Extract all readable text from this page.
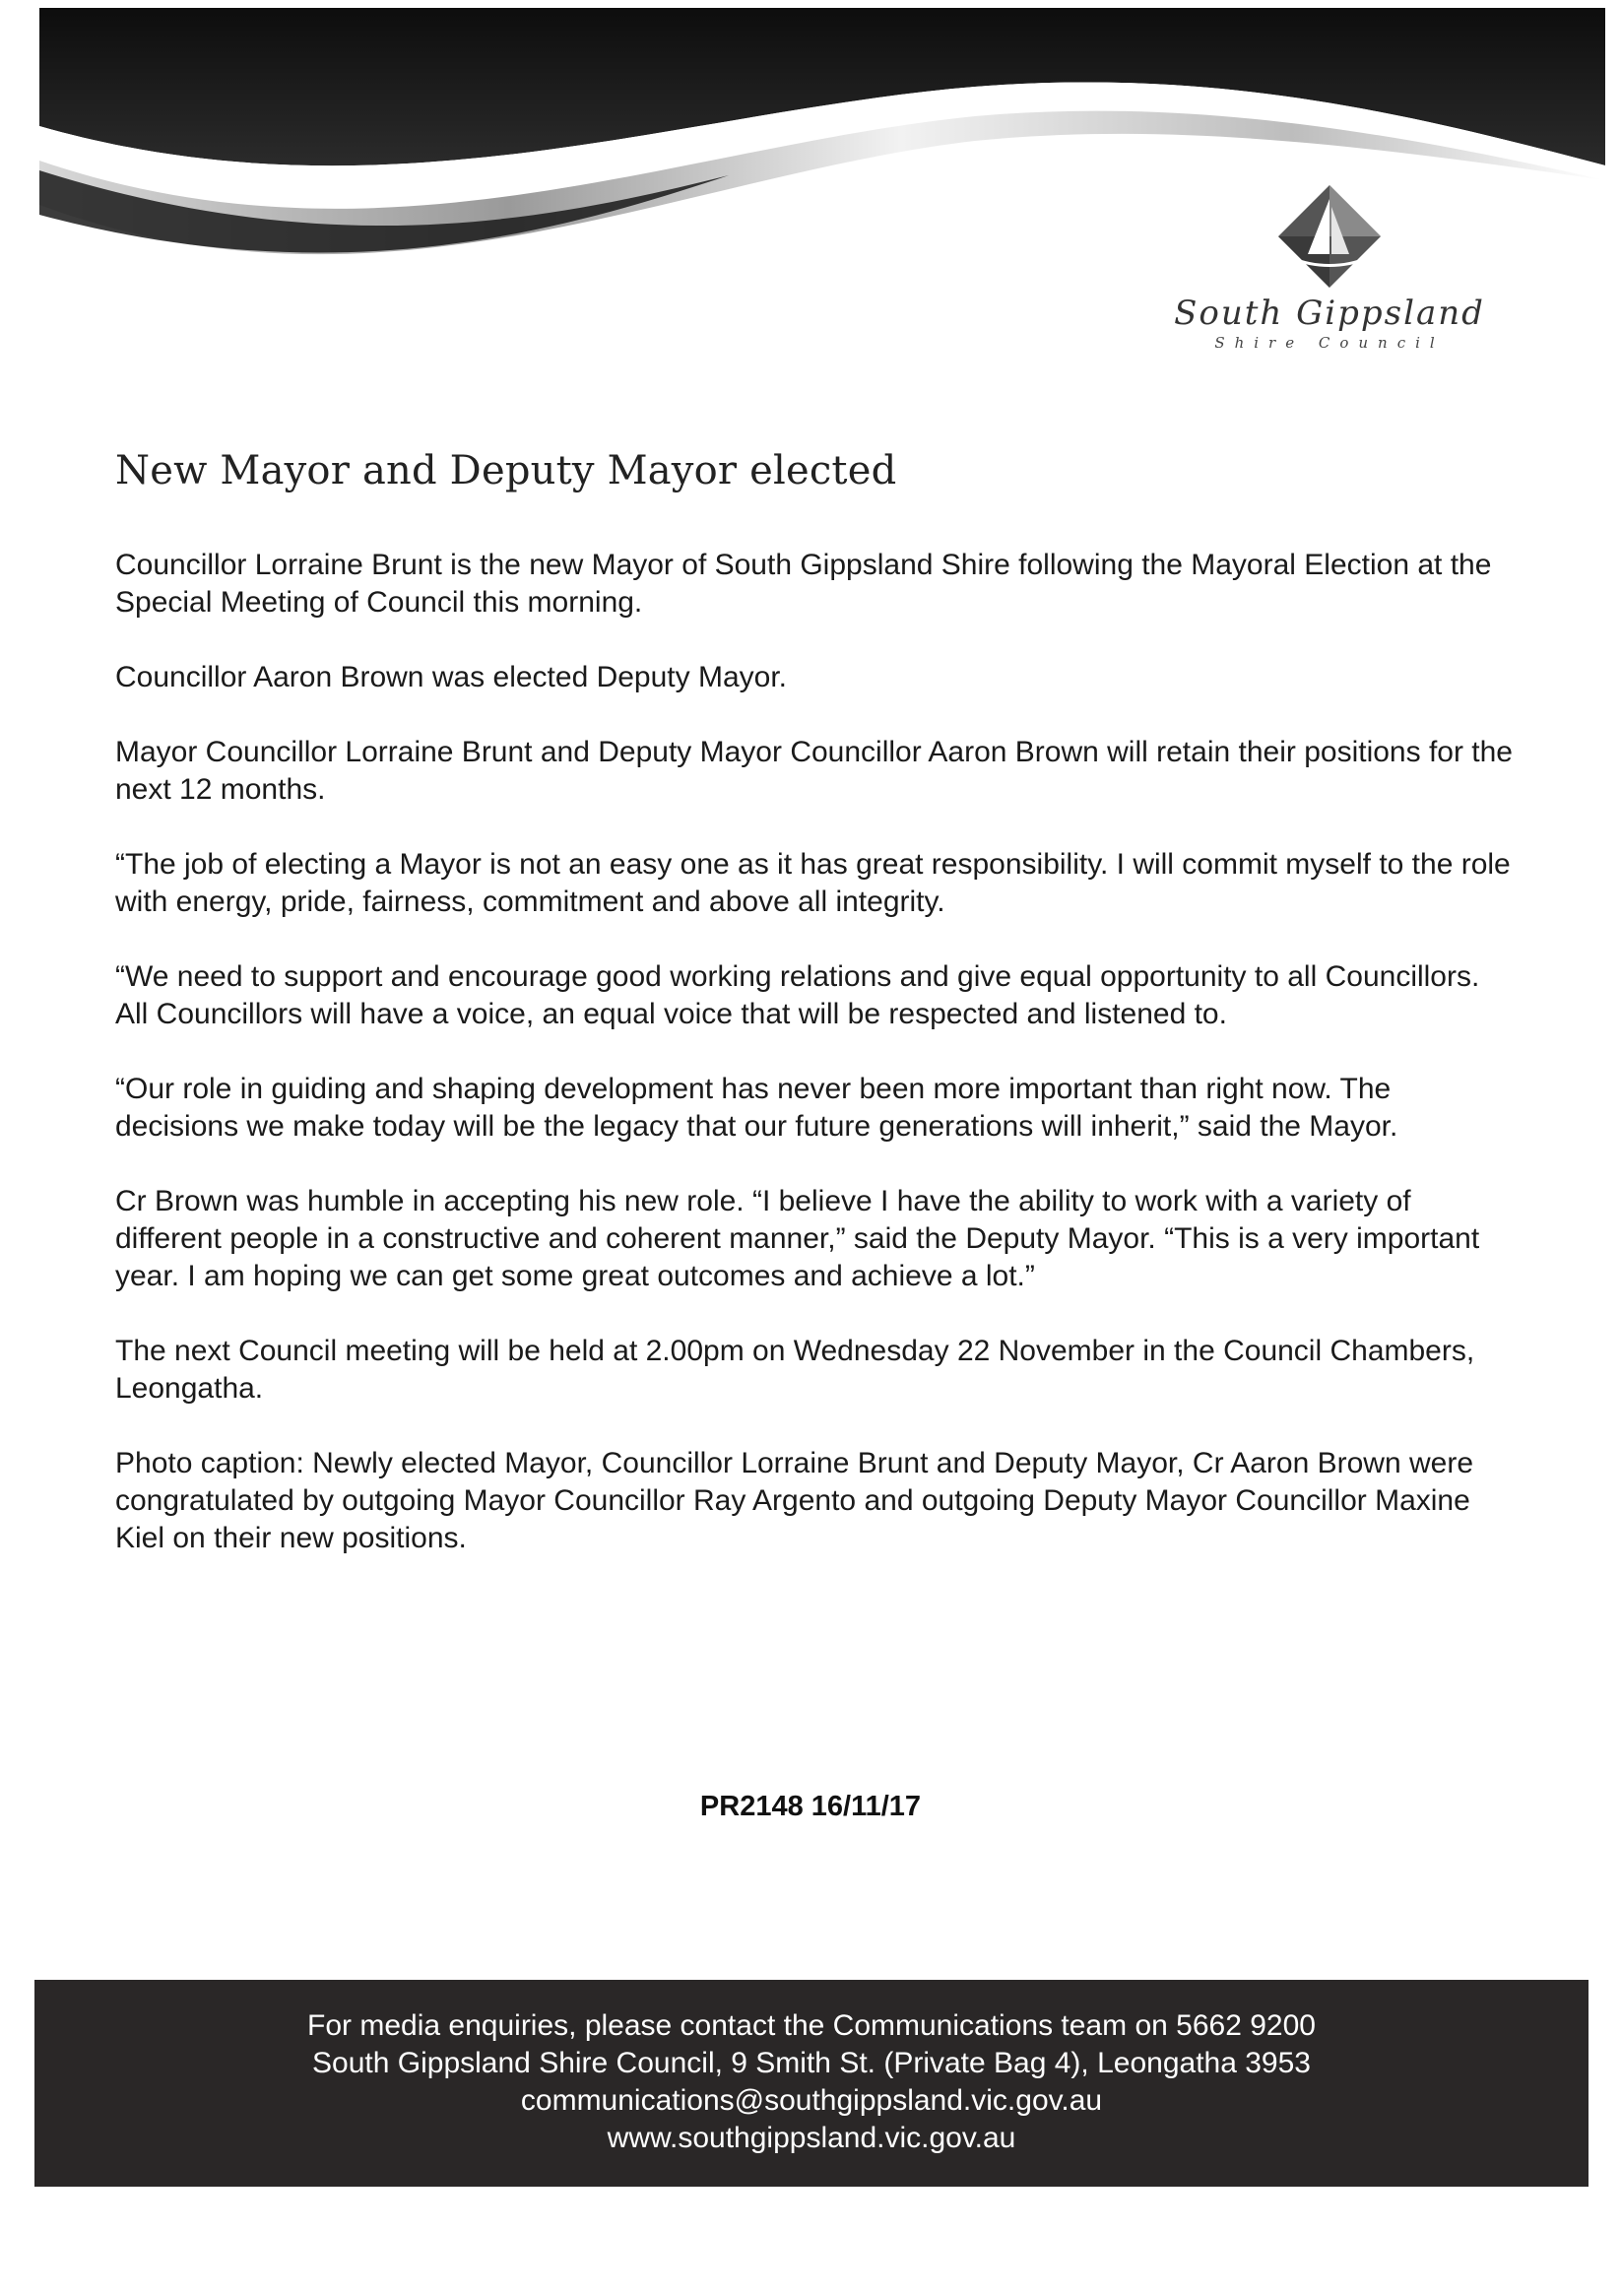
South Gippsland
Shire Council
New Mayor and Deputy Mayor elected

Councillor Lorraine Brunt is the new Mayor of South Gippsland Shire following the Mayoral Election at the Special Meeting of Council this morning.

Councillor Aaron Brown was elected Deputy Mayor.

Mayor Councillor Lorraine Brunt and Deputy Mayor Councillor Aaron Brown will retain their positions for the next 12 months.

“The job of electing a Mayor is not an easy one as it has great responsibility. I will commit myself to the role with energy, pride, fairness, commitment and above all integrity.

“We need to support and encourage good working relations and give equal opportunity to all Councillors. All Councillors will have a voice, an equal voice that will be respected and listened to.

“Our role in guiding and shaping development has never been more important than right now. The decisions we make today will be the legacy that our future generations will inherit,” said the Mayor.

Cr Brown was humble in accepting his new role. “I believe I have the ability to work with a variety of different people in a constructive and coherent manner,” said the Deputy Mayor. “This is a very important year. I am hoping we can get some great outcomes and achieve a lot.”

The next Council meeting will be held at 2.00pm on Wednesday 22 November in the Council Chambers, Leongatha.

Photo caption: Newly elected Mayor, Councillor Lorraine Brunt and Deputy Mayor, Cr Aaron Brown were congratulated by outgoing Mayor Councillor Ray Argento and outgoing Deputy Mayor Councillor Maxine Kiel on their new positions.

PR2148 16/11/17
For media enquiries, please contact the Communications team on 5662 9200
South Gippsland Shire Council, 9 Smith St. (Private Bag 4), Leongatha 3953
communications@southgippsland.vic.gov.au
www.southgippsland.vic.gov.au
